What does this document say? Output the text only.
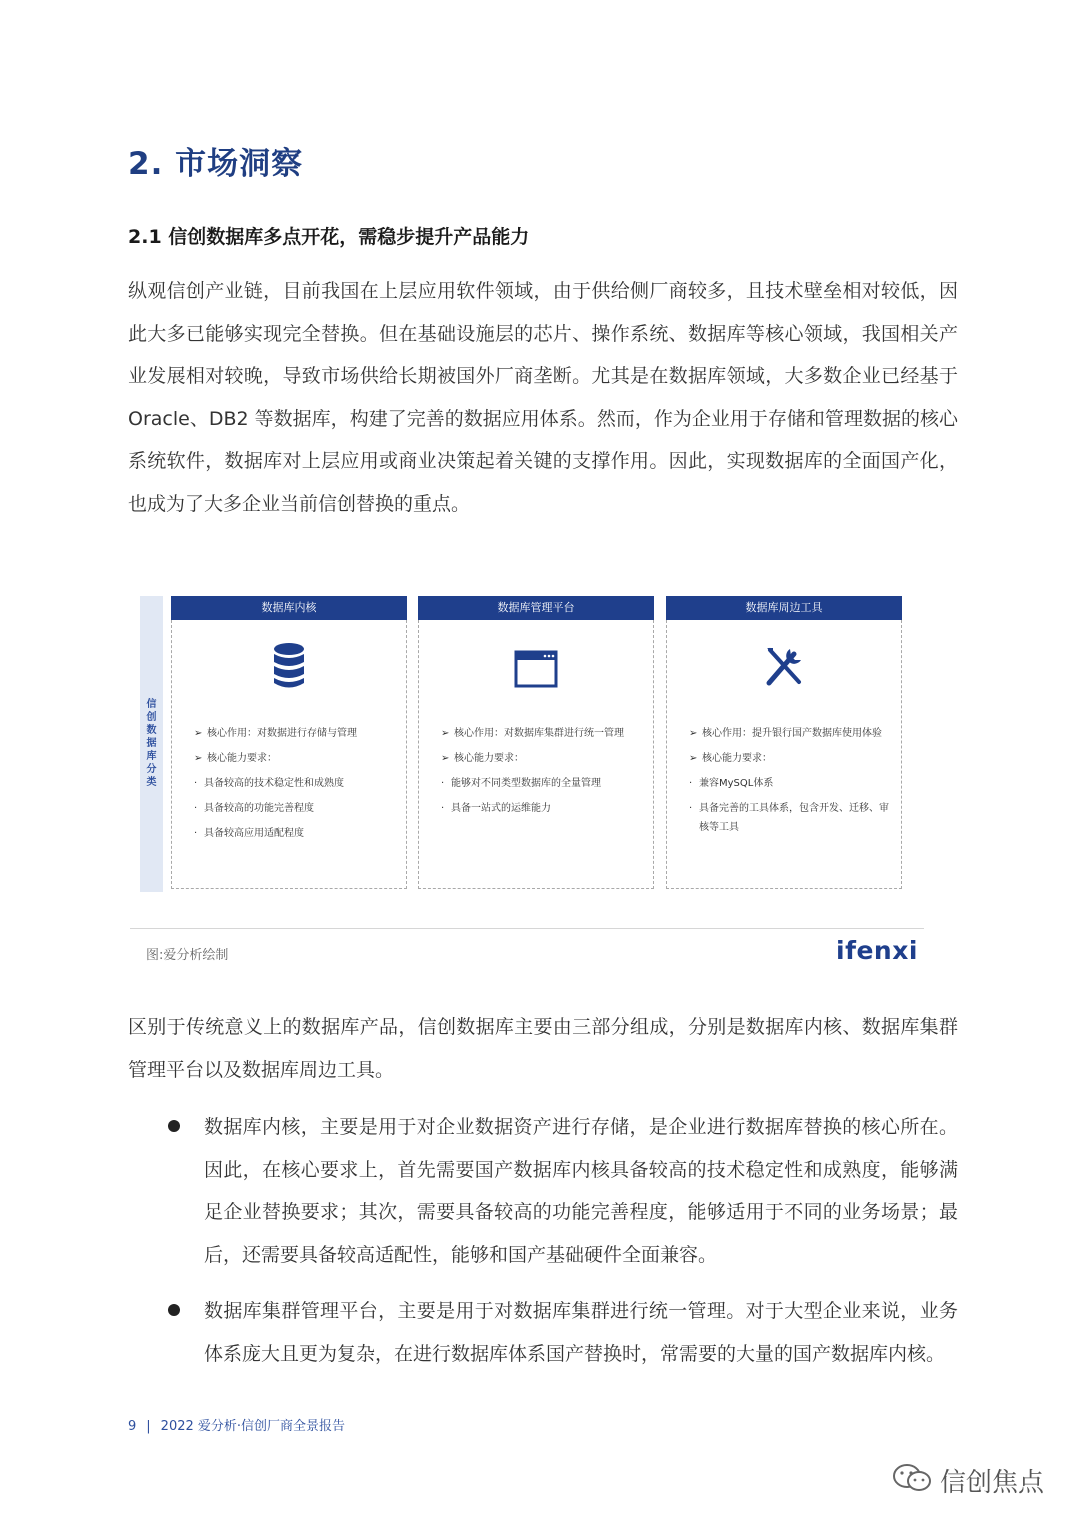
2. 市场洞察
2.1 信创数据库多点开花，需稳步提升产品能力
纵观信创产业链，目前我国在上层应用软件领域，由于供给侧厂商较多，且技术壁垒相对较低，因此大多已能够实现完全替换。但在基础设施层的芯片、操作系统、数据库等核心领域，我国相关产业发展相对较晚，导致市场供给长期被国外厂商垄断。尤其是在数据库领域，大多数企业已经基于Oracle、DB2 等数据库，构建了完善的数据应用体系。然而，作为企业用于存储和管理数据的核心系统软件，数据库对上层应用或商业决策起着关键的支撑作用。因此，实现数据库的全面国产化，也成为了大多企业当前信创替换的重点。
信
创
数
据
库
分
类
数据库内核
➢ 核心作用：对数据进行存储与管理
➢ 核心能力要求：
· 具备较高的技术稳定性和成熟度
· 具备较高的功能完善程度
· 具备较高应用适配程度
数据库管理平台
➢ 核心作用：对数据库集群进行统一管理
➢ 核心能力要求：
· 能够对不同类型数据库的全量管理
· 具备一站式的运维能力
数据库周边工具
➢ 核心作用：提升银行国产数据库使用体验
➢ 核心能力要求：
· 兼容MySQL体系
· 具备完善的工具体系，包含开发、迁移、审核等工具
图:爱分析绘制	ifenxi
区别于传统意义上的数据库产品，信创数据库主要由三部分组成，分别是数据库内核、数据库集群管理平台以及数据库周边工具。
数据库内核，主要是用于对企业数据资产进行存储，是企业进行数据库替换的核心所在。因此，在核心要求上，首先需要国产数据库内核具备较高的技术稳定性和成熟度，能够满足企业替换要求；其次，需要具备较高的功能完善程度，能够适用于不同的业务场景；最后，还需要具备较高适配性，能够和国产基础硬件全面兼容。
数据库集群管理平台，主要是用于对数据库集群进行统一管理。对于大型企业来说，业务体系庞大且更为复杂，在进行数据库体系国产替换时，常需要的大量的国产数据库内核。
9 | 2022 爱分析·信创厂商全景报告
信创焦点
